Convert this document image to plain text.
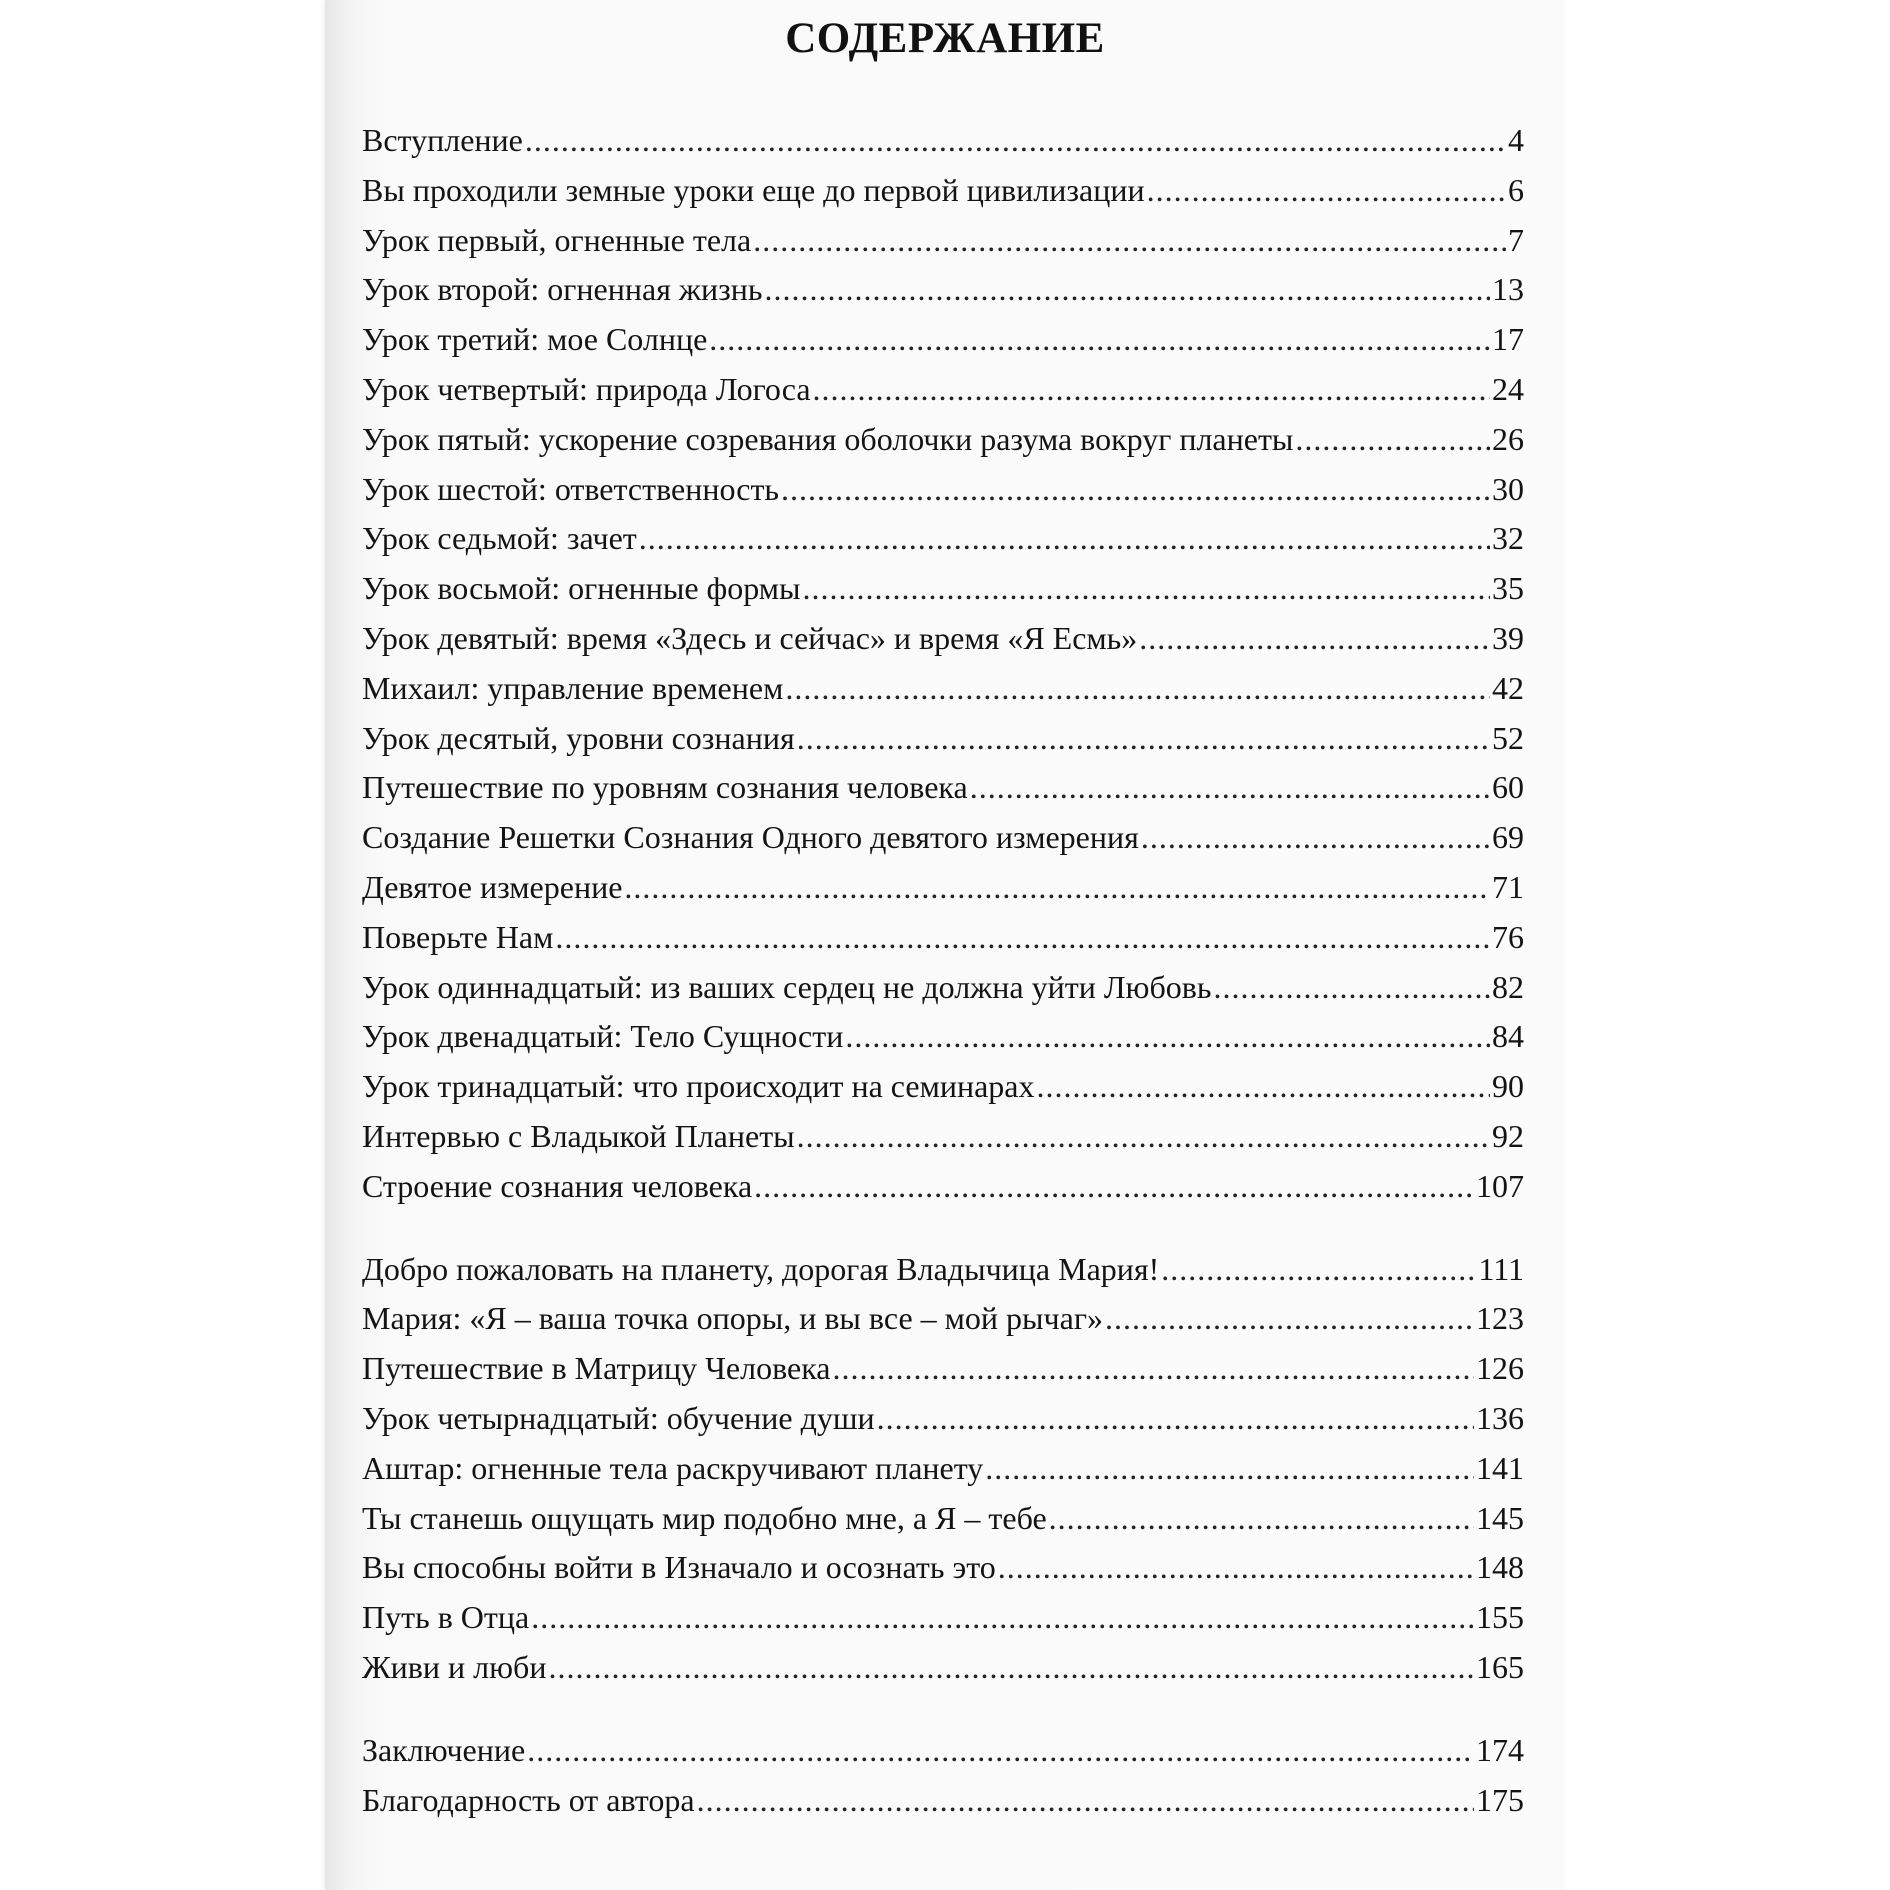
СОДЕРЖАНИЕ
Вступление .....	4
Вы проходили земные уроки еще до первой цивилизации .....	6
Урок первый, огненные тела .....	7
Урок второй: огненная жизнь .....	13
Урок третий: мое Солнце .....	17
Урок четвертый: природа Логоса .....	24
Урок пятый: ускорение созревания оболочки разума вокруг планеты .....	26
Урок шестой: ответственность .....	30
Урок седьмой: зачет .....	32
Урок восьмой: огненные формы .....	35
Урок девятый: время «Здесь и сейчас» и время «Я Есмь» .....	39
Михаил: управление временем .....	42
Урок десятый, уровни сознания .....	52
Путешествие по уровням сознания человека .....	60
Создание Решетки Сознания Одного девятого измерения .....	69
Девятое измерение .....	71
Поверьте Нам .....	76
Урок одиннадцатый: из ваших сердец не должна уйти Любовь .....	82
Урок двенадцатый: Тело Сущности .....	84
Урок тринадцатый: что происходит на семинарах .....	90
Интервью с Владыкой Планеты .....	92
Строение сознания человека .....	107
Добро пожаловать на планету, дорогая Владычица Мария! .....	111
Мария: «Я – ваша точка опоры, и вы все – мой рычаг» .....	123
Путешествие в Матрицу Человека .....	126
Урок четырнадцатый: обучение души .....	136
Аштар: огненные тела раскручивают планету .....	141
Ты станешь ощущать мир подобно мне, а Я – тебе .....	145
Вы способны войти в Изначало и осознать это .....	148
Путь в Отца .....	155
Живи и люби .....	165
Заключение .....	174
Благодарность от автора .....	175
